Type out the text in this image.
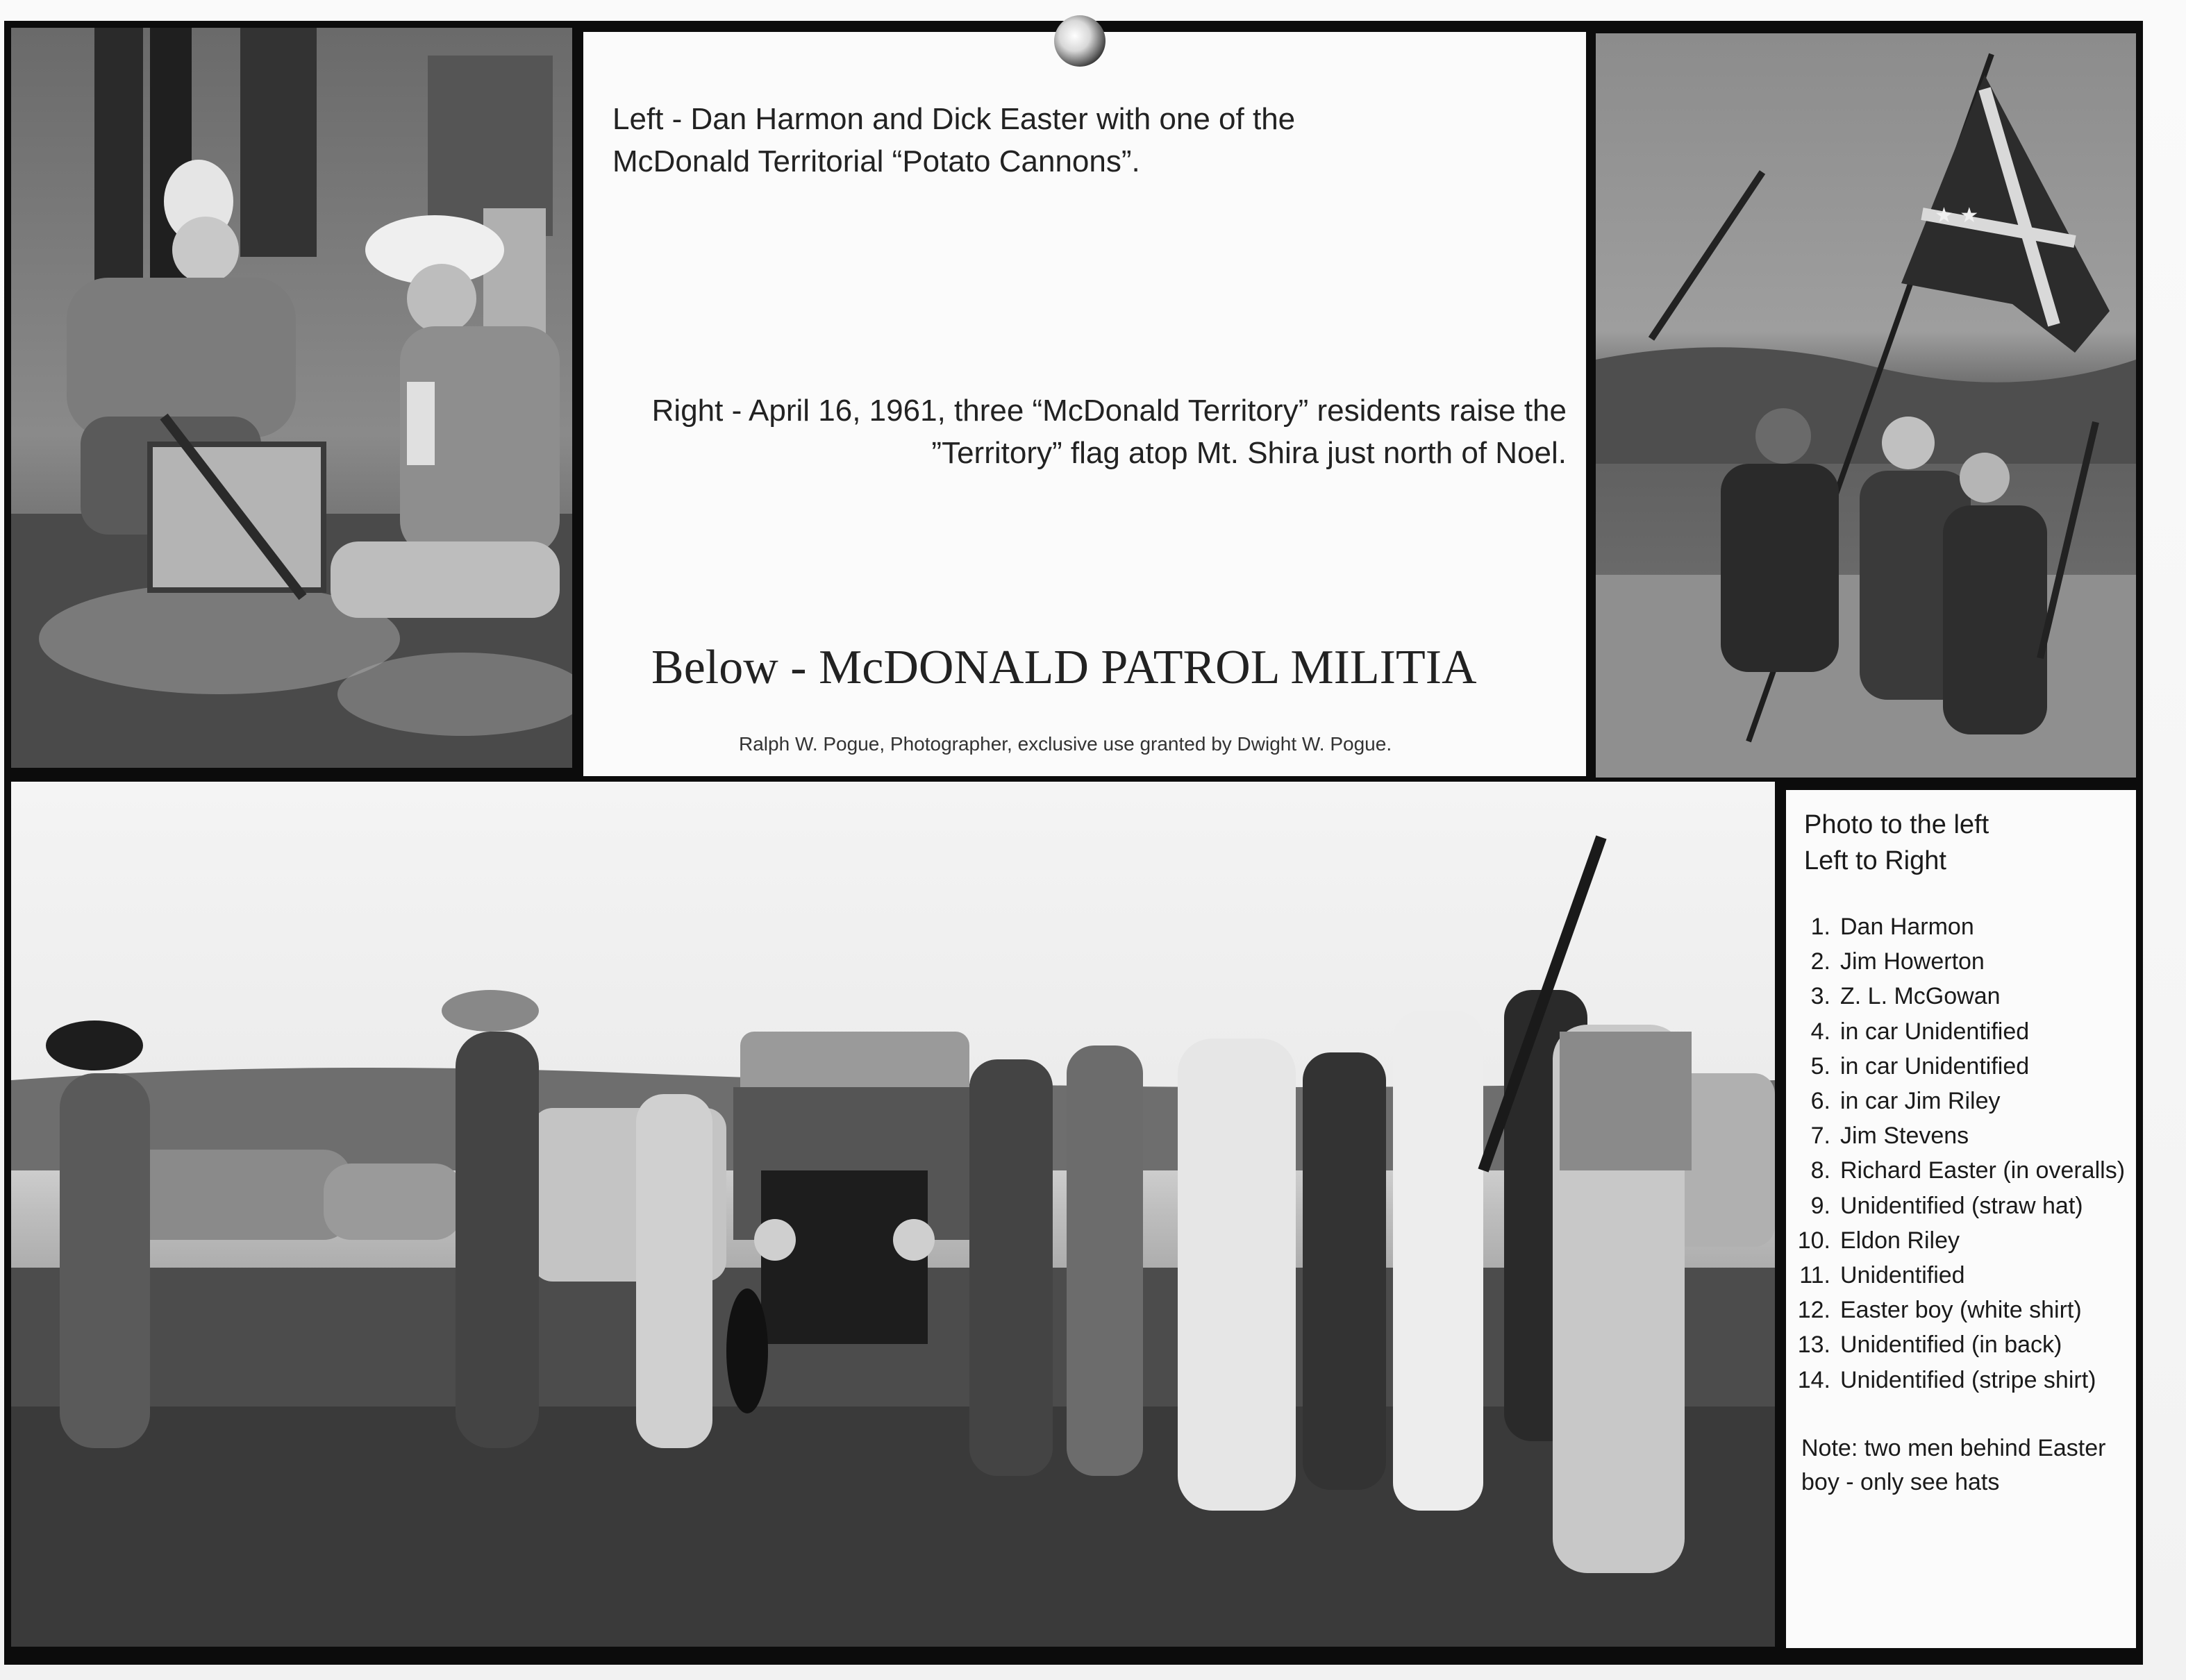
Left - Dan Harmon and Dick Easter with one of the
McDonald Territorial “Potato Cannons”.
Right - April 16, 1961, three “McDonald Territory” residents raise the
”Territory” flag atop Mt. Shira just north of Noel.
Below - McDONALD PATROL MILITIA
Ralph W. Pogue, Photographer, exclusive use granted by Dwight W. Pogue.
★ ★
Photo to the left
Left to Right
1. Dan Harmon
2. Jim Howerton
3. Z. L. McGowan
4. in car Unidentified
5. in car Unidentified
6. in car Jim Riley
7. Jim Stevens
8. Richard Easter (in overalls)
9. Unidentified (straw hat)
10. Eldon Riley
11. Unidentified
12. Easter boy (white shirt)
13. Unidentified (in back)
14. Unidentified (stripe shirt)
Note: two men behind Easter
boy - only see hats
